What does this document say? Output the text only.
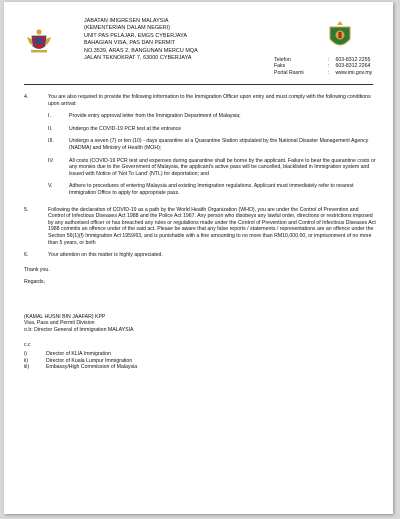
JABATAN IMIGRESEN MALAYSIA
(KEMENTERIAN DALAM NEGERI)
UNIT PAS PELAJAR, EMGS CYBERJAYA
BAHAGIAN VISA, PAS DAN PERMIT
NO.3539, ARAS 2, BANGUNAN MERCU MQA
JALAN TEKNOKRAT 7, 63000 CYBERJAYA	Telefon	: 603-8312 2255
Faks	: 603-8312 2264
Portal Rasmi	: www.imi.gov.my
4.	You are also required to provide the following information to the Immigration Officer upon entry and must comply with the following conditions upon arrival:
I.	Provide entry approval letter from the Immigration Department of Malaysia;
II.	Undergo the COVID-19 PCR test at the entrance
III.	Undergo a seven (7) or ten (10) - days quarantine at a Quarantine Station stipulated by the National Disaster Management Agency (NADMA) and Ministry of Health (MOH);
IV.	All costs (COVID-19 PCR test and expenses during quarantine shall be borne by the applicant. Failure to bear the quarantine costs or any monies due to the Government of Malaysia, the applicant's active pass will be cancelled, blacklisted in Immigration system and issued with Notice of 'Not To Land' (NTL) for deportation; and
V.	Adhere to procedures of entering Malaysia and existing Immigration regulations. Applicant must immediately refer to nearest Immigration Office to apply for appropriate pass.
5.	Following the declaration of COVID-19 as a path by the World Health Organization (WHO), you are under the Control of Prevention and Control of Infectious Diseases Act 1988 and the Police Act 1967. Any person who disobeys any lawful order, directions or restrictions imposed by any authorised officer or has breached any rules or regulations made under the Control of Prevention and Control of Infectious Diseases Act 1988 commits an offence under of the said act. Please be aware that any false reports / statements / representations are an offence under the Section 56(1)(f) Immigration Act 1959/63, and is punishable with a fine amounting to no more than RM10,000.00, or imprisonment of no more than 5 years, or both
6.	Your attention on this matter is highly appreciated.
Thank you.
Regards,
(KAMAL HUSNI BIN JAAFAR) KPP
Visa, Pass and Permit Division
o.b: Director General of Immigration MALAYSIA
c.c
i)	Director of KLIA Immigration
ii)	Director of Kuala Lumpur Immigration
iii)	Embassy/High Commission of Malaysia
